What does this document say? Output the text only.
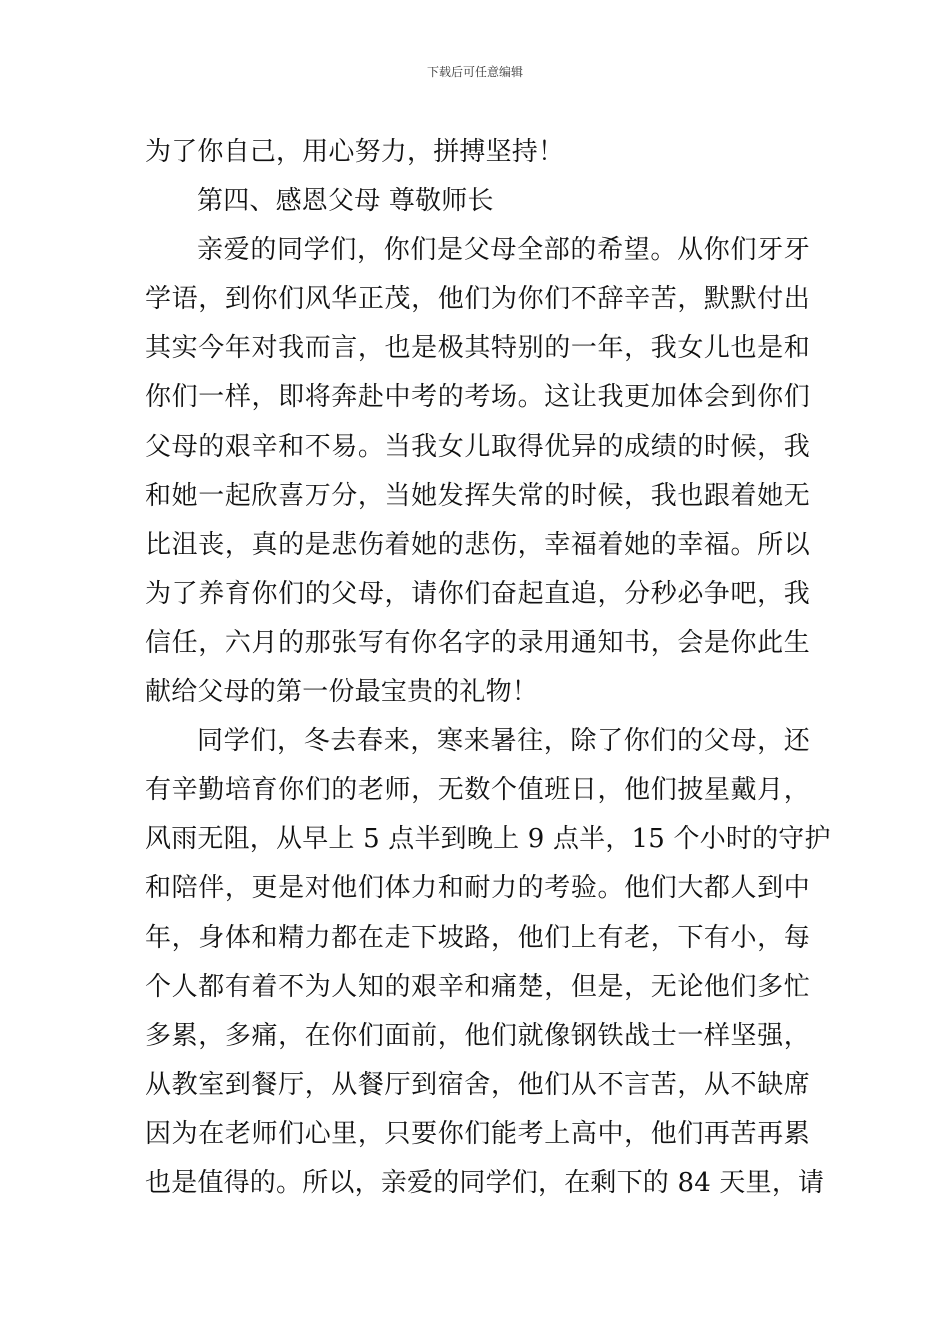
下载后可任意编辑
为了你自己，用心努力，拼搏坚持！
第四、感恩父母 尊敬师长
亲爱的同学们，你们是父母全部的希望。从你们牙牙
学语，到你们风华正茂，他们为你们不辞辛苦，默默付出
其实今年对我而言，也是极其特别的一年，我女儿也是和
你们一样，即将奔赴中考的考场。这让我更加体会到你们
父母的艰辛和不易。当我女儿取得优异的成绩的时候，我
和她一起欣喜万分，当她发挥失常的时候，我也跟着她无
比沮丧，真的是悲伤着她的悲伤，幸福着她的幸福。所以
为了养育你们的父母，请你们奋起直追，分秒必争吧，我
信任，六月的那张写有你名字的录用通知书，会是你此生
献给父母的第一份最宝贵的礼物！
同学们，冬去春来，寒来暑往，除了你们的父母，还
有辛勤培育你们的老师，无数个值班日，他们披星戴月，
风雨无阻，从早上 5 点半到晚上 9 点半，15 个小时的守护
和陪伴，更是对他们体力和耐力的考验。他们大都人到中
年，身体和精力都在走下坡路，他们上有老，下有小，每
个人都有着不为人知的艰辛和痛楚，但是，无论他们多忙
多累，多痛，在你们面前，他们就像钢铁战士一样坚强，
从教室到餐厅，从餐厅到宿舍，他们从不言苦，从不缺席
因为在老师们心里，只要你们能考上高中，他们再苦再累
也是值得的。所以，亲爱的同学们，在剩下的 84 天里，请
